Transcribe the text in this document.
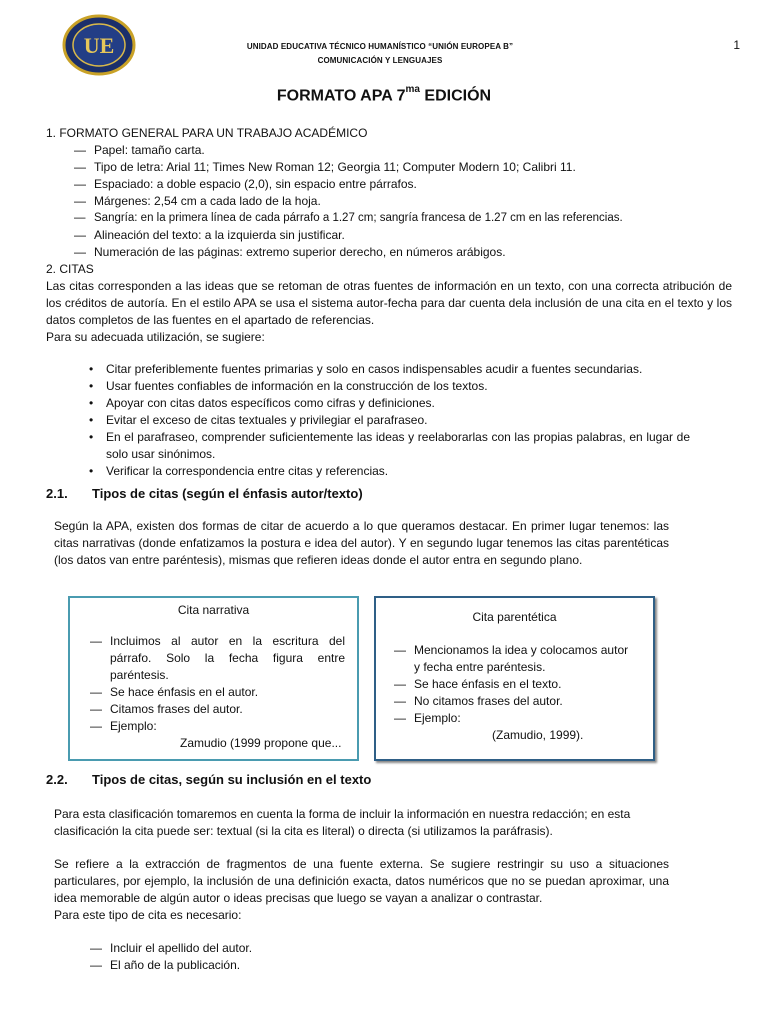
UE	UNIDAD EDUCATIVA TÉCNICO HUMANÍSTICO “UNIÓN EUROPEA B”
COMUNICACIÓN Y LENGUAJES
1
FORMATO APA $7^{ma}$ EDICIÓN
1. FORMATO GENERAL PARA UN TRABAJO ACADÉMICO
— Papel: tamaño carta.
— Tipo de letra: Arial 11; Times New Roman 12; Georgia 11; Computer Modern 10; Calibri 11.
— Espaciado: a doble espacio (2,0), sin espacio entre párrafos.
— Márgenes: 2,54 cm a cada lado de la hoja.
— Sangría: en la primera línea de cada párrafo a 1.27 cm; sangría francesa de 1.27 cm en las referencias.
— Alineación del texto: a la izquierda sin justificar.
— Numeración de las páginas: extremo superior derecho, en números arábigos.
2. CITAS
Las citas corresponden a las ideas que se retoman de otras fuentes de información en un texto, con una correcta atribución de los créditos de autoría. En el estilo APA se usa el sistema autor-fecha para dar cuenta dela inclusión de una cita en el texto y los datos completos de las fuentes en el apartado de referencias.
Para su adecuada utilización, se sugiere:
• Citar preferiblemente fuentes primarias y solo en casos indispensables acudir a fuentes secundarias.
• Usar fuentes confiables de información en la construcción de los textos.
• Apoyar con citas datos específicos como cifras y definiciones.
• Evitar el exceso de citas textuales y privilegiar el parafraseo.
• En el parafraseo, comprender suficientemente las ideas y reelaborarlas con las propias palabras, en lugar de solo usar sinónimos.
• Verificar la correspondencia entre citas y referencias.
2.1. Tipos de citas (según el énfasis autor/texto)
Según la APA, existen dos formas de citar de acuerdo a lo que queramos destacar. En primer lugar tenemos: las citas narrativas (donde enfatizamos la postura e idea del autor). Y en segundo lugar tenemos las citas parentéticas (los datos van entre paréntesis), mismas que refieren ideas donde el autor entra en segundo plano.
Cita narrativa
— Incluimos al autor en la escritura del párrafo. Solo la fecha figura entre paréntesis.
— Se hace énfasis en el autor.
— Citamos frases del autor.
— Ejemplo:
Zamudio (1999 propone que...
Cita parentética
— Mencionamos la idea y colocamos autor y fecha entre paréntesis.
— Se hace énfasis en el texto.
— No citamos frases del autor.
— Ejemplo:
(Zamudio, 1999).
2.2. Tipos de citas, según su inclusión en el texto
Para esta clasificación tomaremos en cuenta la forma de incluir la información en nuestra redacción; en esta clasificación la cita puede ser: textual (si la cita es literal) o directa (si utilizamos la paráfrasis).
Se refiere a la extracción de fragmentos de una fuente externa. Se sugiere restringir su uso a situaciones particulares, por ejemplo, la inclusión de una definición exacta, datos numéricos que no se puedan aproximar, una idea memorable de algún autor o ideas precisas que luego se vayan a analizar o contrastar.
Para este tipo de cita es necesario:
— Incluir el apellido del autor.
— El año de la publicación.
